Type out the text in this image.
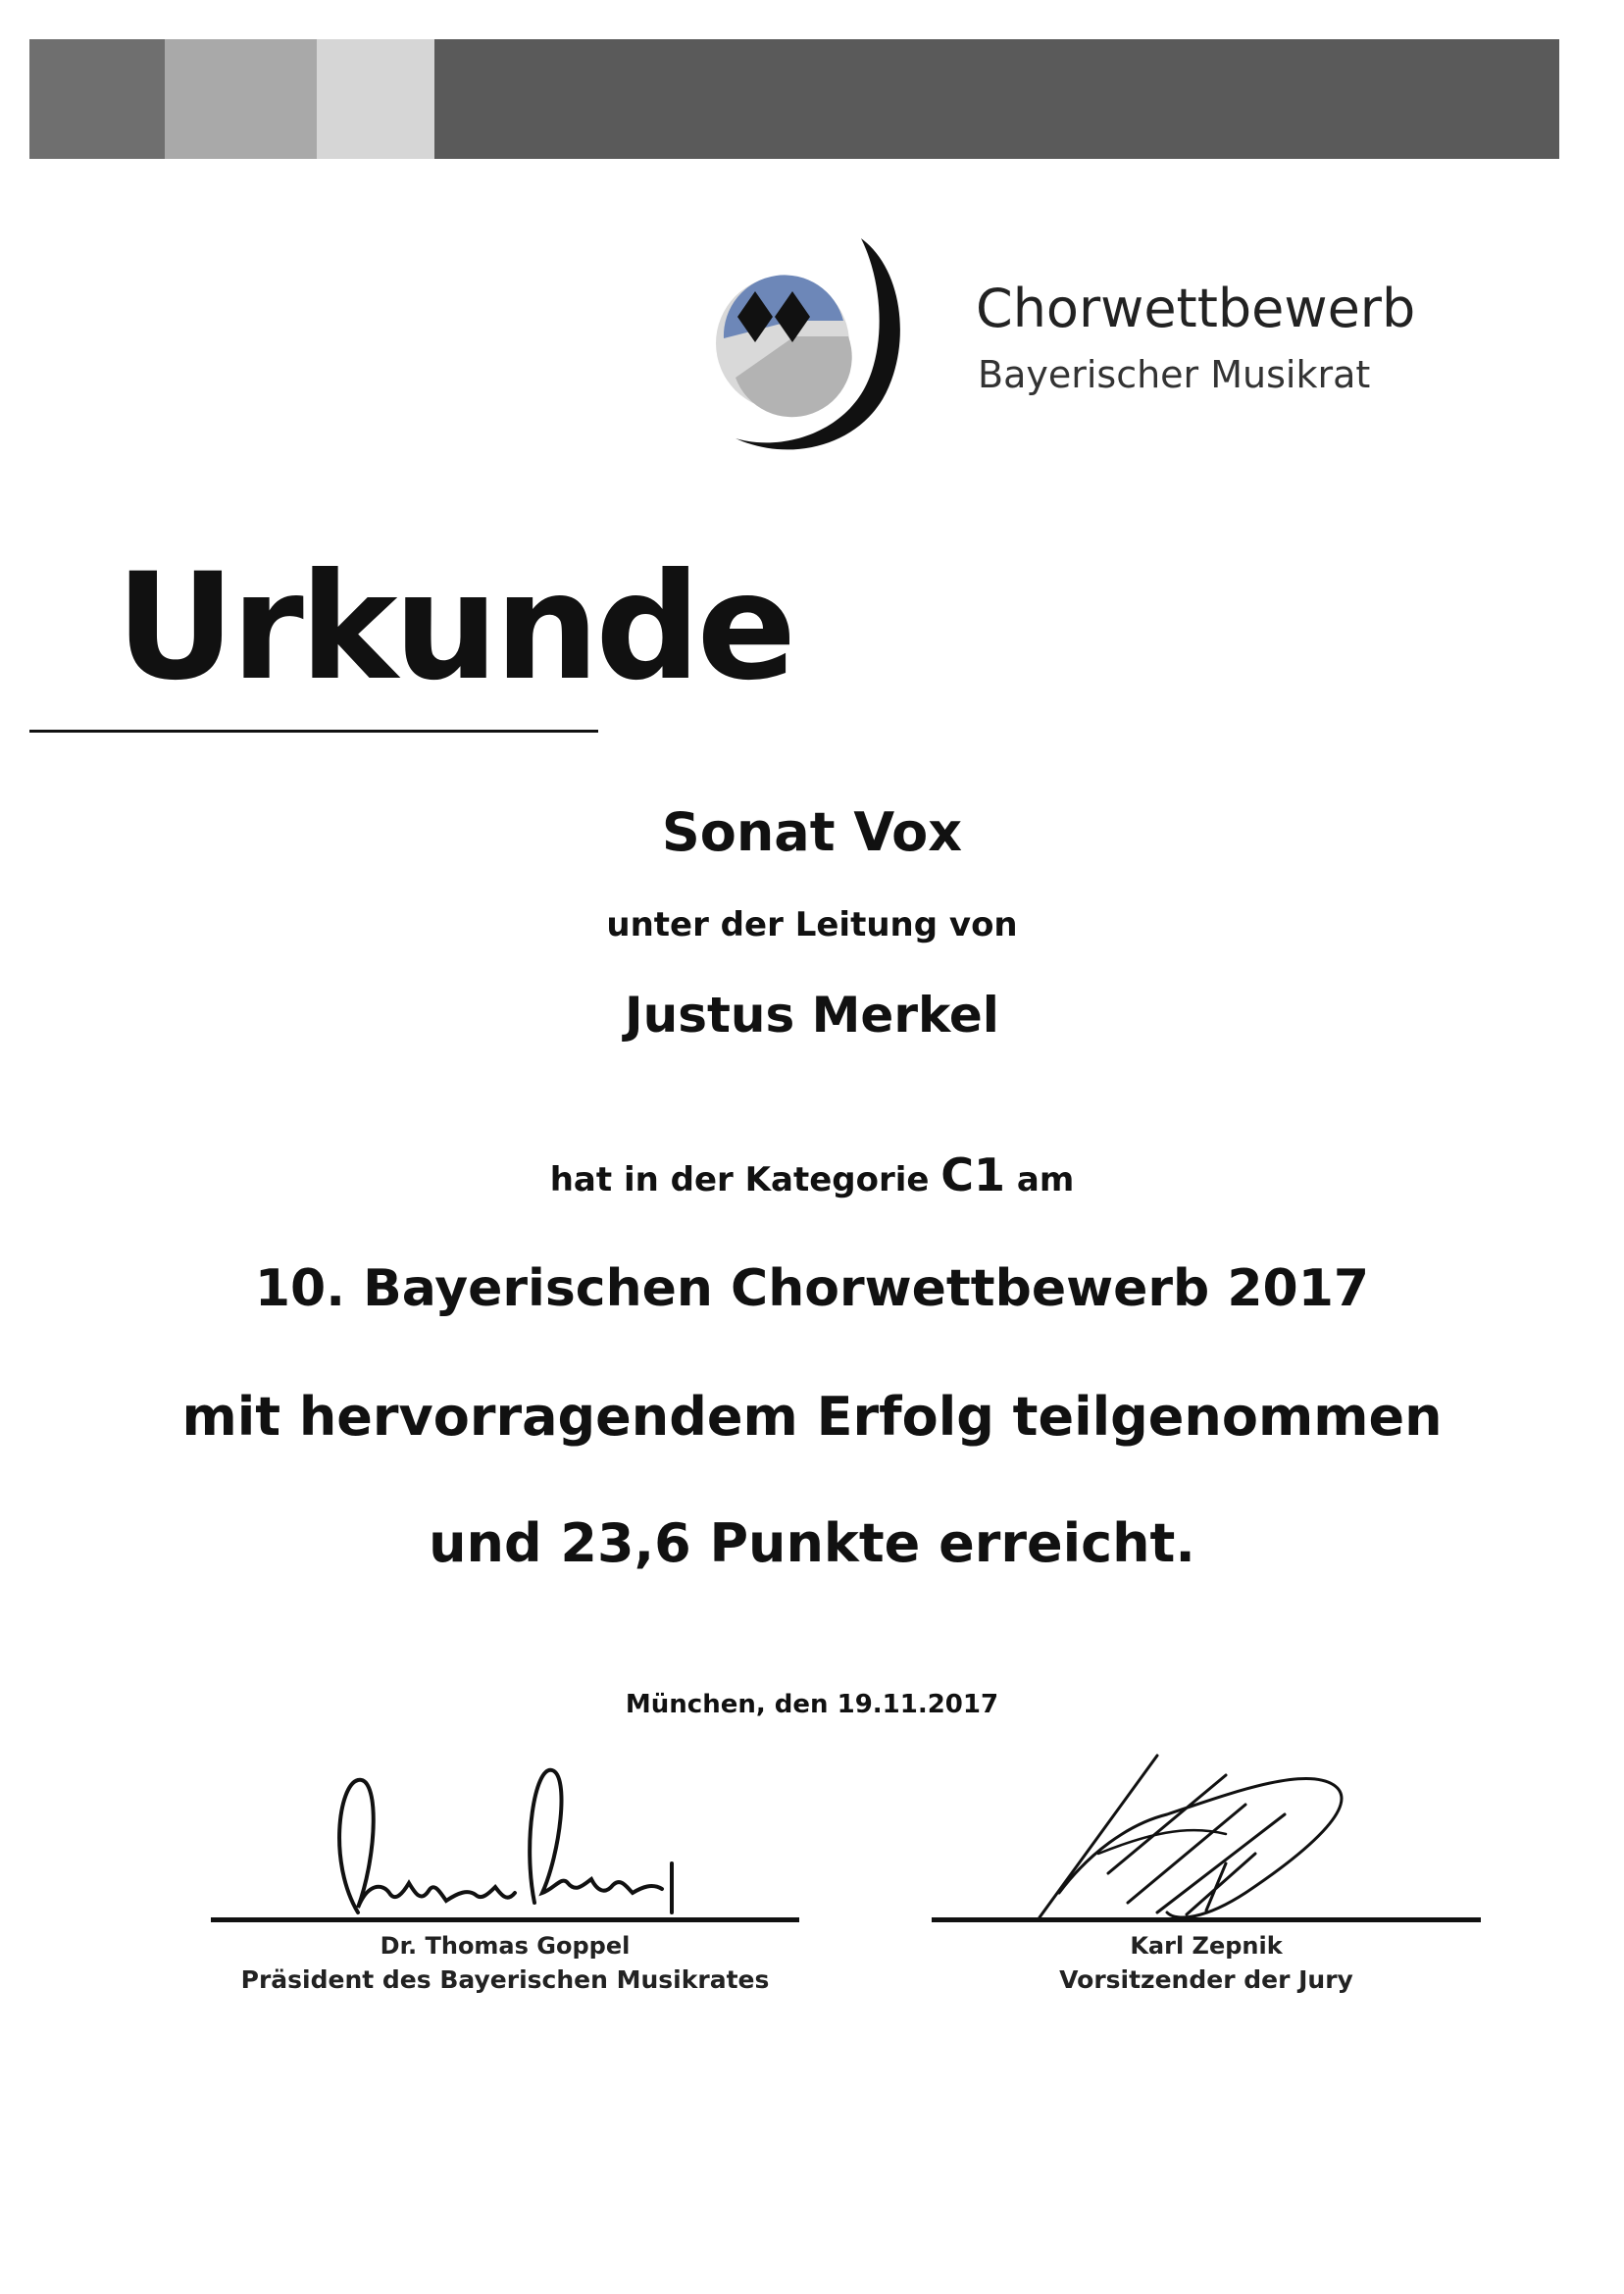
Chorwettbewerb
Bayerischer Musikrat
Urkunde
Sonat Vox
unter der Leitung von
Justus Merkel
hat in der Kategorie C1 am
10. Bayerischen Chorwettbewerb 2017
mit hervorragendem Erfolg teilgenommen
und 23,6 Punkte erreicht.
München, den 19.11.2017
Dr. Thomas Goppel
Präsident des Bayerischen Musikrates
Karl Zepnik
Vorsitzender der Jury
